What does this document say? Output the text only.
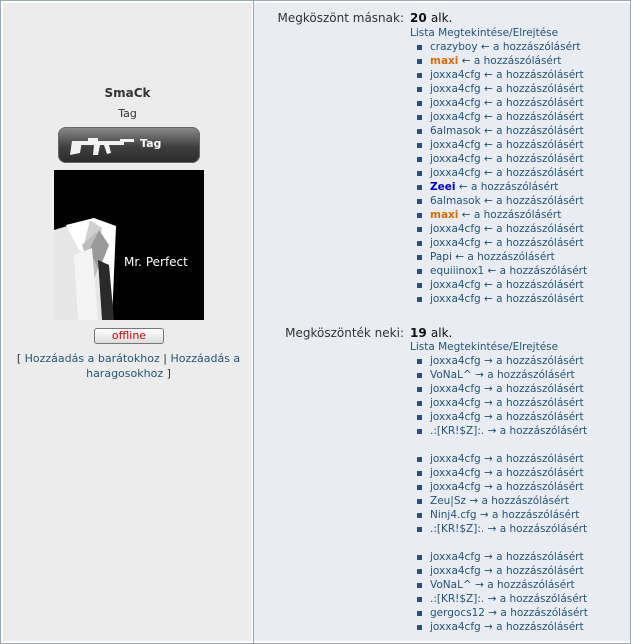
SmaCk
Tag
Tag
Mr. Perfect
offline
[ Hozzáadás a barátokhoz | Hozzáadás a haragosokhoz ]
Megköszönt másnak: 20 alk.
Lista Megtekintése/Elrejtése
crazyboy ← a hozzászólásért
maxi ← a hozzászólásért
joxxa4cfg ← a hozzászólásért
joxxa4cfg ← a hozzászólásért
joxxa4cfg ← a hozzászólásért
joxxa4cfg ← a hozzászólásért
6almasok ← a hozzászólásért
joxxa4cfg ← a hozzászólásért
joxxa4cfg ← a hozzászólásért
joxxa4cfg ← a hozzászólásért
Zeei ← a hozzászólásért
6almasok ← a hozzászólásért
maxi ← a hozzászólásért
joxxa4cfg ← a hozzászólásért
joxxa4cfg ← a hozzászólásért
Papi ← a hozzászólásért
equiiinox1 ← a hozzászólásért
joxxa4cfg ← a hozzászólásért
joxxa4cfg ← a hozzászólásért
Megköszönték neki: 19 alk.
Lista Megtekintése/Elrejtése
joxxa4cfg → a hozzászólásért
VoNaL^ → a hozzászólásért
joxxa4cfg → a hozzászólásért
joxxa4cfg → a hozzászólásért
joxxa4cfg → a hozzászólásért
.:[KR!$Z]:. → a hozzászólásért
joxxa4cfg → a hozzászólásért
joxxa4cfg → a hozzászólásért
joxxa4cfg → a hozzászólásért
Zeu|Sz → a hozzászólásért
Ninj4.cfg → a hozzászólásért
.:[KR!$Z]:. → a hozzászólásért
joxxa4cfg → a hozzászólásért
joxxa4cfg → a hozzászólásért
VoNaL^ → a hozzászólásért
.:[KR!$Z]:. → a hozzászólásért
gergocs12 → a hozzászólásért
joxxa4cfg → a hozzászólásért
